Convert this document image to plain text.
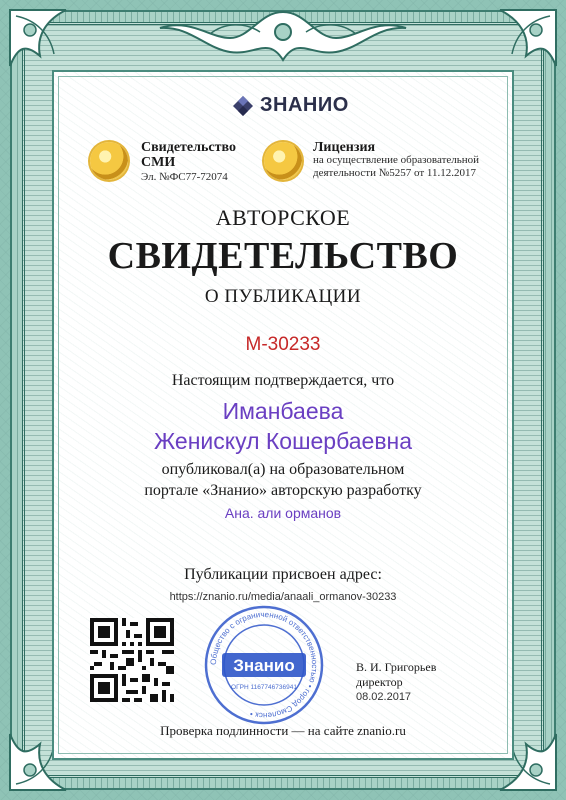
ЗНАНИО
Свидетельство СМИ
Эл. №ФС77-72074
Лицензия
на осуществление образовательной деятельности №5257 от 11.12.2017
АВТОРСКОЕ
СВИДЕТЕЛЬСТВО
О ПУБЛИКАЦИИ
М-30233
Настоящим подтверждается, что
Иманбаева
Женискул Кошербаевна
опубликовал(а) на образовательном
портале «Знанио» авторскую разработку
Ана. али орманов
Публикации присвоен адрес:
https://znanio.ru/media/anaali_ormanov-30233
Общество с ограниченной ответственностью • город Смоленск •
Знанио
ОГРН 1167746736941
В. И. Григорьев
директор
08.02.2017
Проверка подлинности — на сайте znanio.ru
